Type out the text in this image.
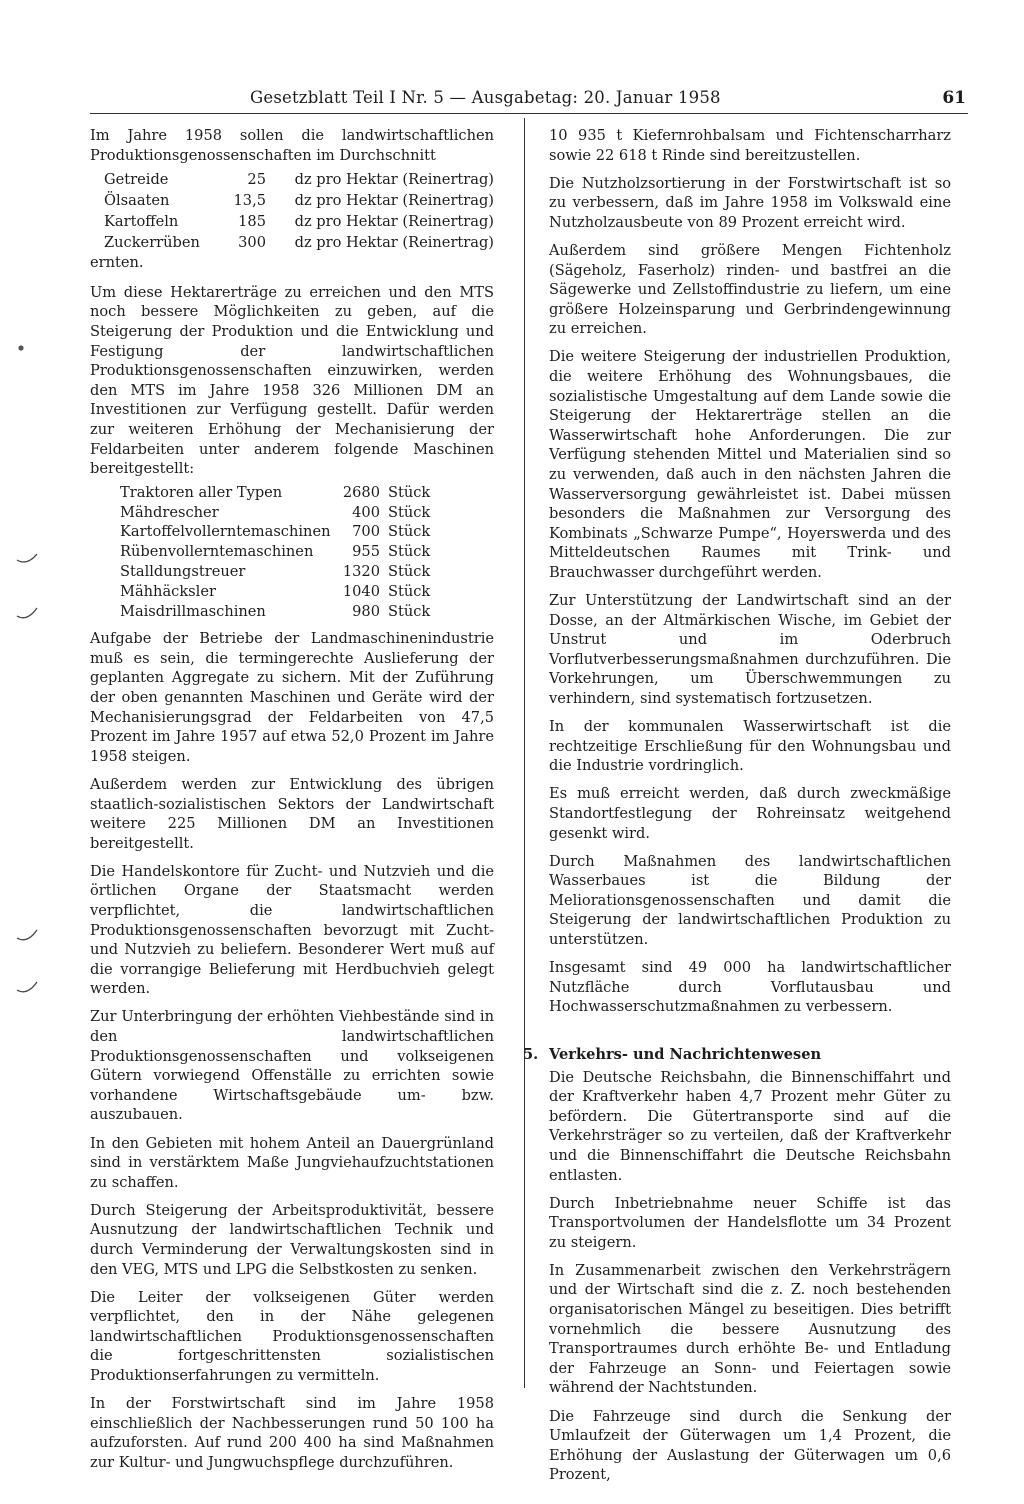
Gesetzblatt Teil I Nr. 5 — Ausgabetag: 20. Januar 1958	61

Im Jahre 1958 sollen die landwirtschaftlichen Produktionsgenossenschaften im Durchschnitt

Getreide	25	dz pro Hektar (Reinertrag)
Ölsaaten	13,5	dz pro Hektar (Reinertrag)
Kartoffeln	185	dz pro Hektar (Reinertrag)
Zuckerrüben	300	dz pro Hektar (Reinertrag)

ernten.

Um diese Hektarerträge zu erreichen und den MTS noch bessere Möglichkeiten zu geben, auf die Steigerung der Produktion und die Entwicklung und Festigung der landwirtschaftlichen Produktionsgenossenschaften einzuwirken, werden den MTS im Jahre 1958 326 Millionen DM an Investitionen zur Verfügung gestellt. Dafür werden zur weiteren Erhöhung der Mechanisierung der Feldarbeiten unter anderem folgende Maschinen bereitgestellt:

Traktoren aller Typen	2680	Stück
Mähdrescher	400	Stück
Kartoffelvollerntemaschinen	700	Stück
Rübenvollerntemaschinen	955	Stück
Stalldungstreuer	1320	Stück
Mähhäcksler	1040	Stück
Maisdrillmaschinen	980	Stück

Aufgabe der Betriebe der Landmaschinenindustrie muß es sein, die termingerechte Auslieferung der geplanten Aggregate zu sichern. Mit der Zuführung der oben genannten Maschinen und Geräte wird der Mechanisierungsgrad der Feldarbeiten von 47,5 Prozent im Jahre 1957 auf etwa 52,0 Prozent im Jahre 1958 steigen.

Außerdem werden zur Entwicklung des übrigen staatlich-sozialistischen Sektors der Landwirtschaft weitere 225 Millionen DM an Investitionen bereitgestellt.

Die Handelskontore für Zucht- und Nutzvieh und die örtlichen Organe der Staatsmacht werden verpflichtet, die landwirtschaftlichen Produktionsgenossenschaften bevorzugt mit Zucht- und Nutzvieh zu beliefern. Besonderer Wert muß auf die vorrangige Belieferung mit Herdbuchvieh gelegt werden.

Zur Unterbringung der erhöhten Viehbestände sind in den landwirtschaftlichen Produktionsgenossenschaften und volkseigenen Gütern vorwiegend Offenställe zu errichten sowie vorhandene Wirtschaftsgebäude um- bzw. auszubauen.

In den Gebieten mit hohem Anteil an Dauergrünland sind in verstärktem Maße Jungviehaufzuchtstationen zu schaffen.

Durch Steigerung der Arbeitsproduktivität, bessere Ausnutzung der landwirtschaftlichen Technik und durch Verminderung der Verwaltungskosten sind in den VEG, MTS und LPG die Selbstkosten zu senken.

Die Leiter der volkseigenen Güter werden verpflichtet, den in der Nähe gelegenen landwirtschaftlichen Produktionsgenossenschaften die fortgeschrittensten sozialistischen Produktionserfahrungen zu vermitteln.

In der Forstwirtschaft sind im Jahre 1958 einschließlich der Nachbesserungen rund 50 100 ha aufzuforsten. Auf rund 200 400 ha sind Maßnahmen zur Kultur- und Jungwuchspflege durchzuführen.

10 935 t Kiefernrohbalsam und Fichtenscharrharz sowie 22 618 t Rinde sind bereitzustellen.

Die Nutzholzsortierung in der Forstwirtschaft ist so zu verbessern, daß im Jahre 1958 im Volkswald eine Nutzholzausbeute von 89 Prozent erreicht wird.

Außerdem sind größere Mengen Fichtenholz (Sägeholz, Faserholz) rinden- und bastfrei an die Sägewerke und Zellstoffindustrie zu liefern, um eine größere Holzeinsparung und Gerbrindengewinnung zu erreichen.

Die weitere Steigerung der industriellen Produktion, die weitere Erhöhung des Wohnungsbaues, die sozialistische Umgestaltung auf dem Lande sowie die Steigerung der Hektarerträge stellen an die Wasserwirtschaft hohe Anforderungen. Die zur Verfügung stehenden Mittel und Materialien sind so zu verwenden, daß auch in den nächsten Jahren die Wasserversorgung gewährleistet ist. Dabei müssen besonders die Maßnahmen zur Versorgung des Kombinats „Schwarze Pumpe“, Hoyerswerda und des Mitteldeutschen Raumes mit Trink- und Brauchwasser durchgeführt werden.

Zur Unterstützung der Landwirtschaft sind an der Dosse, an der Altmärkischen Wische, im Gebiet der Unstrut und im Oderbruch Vorflutverbesserungsmaßnahmen durchzuführen. Die Vorkehrungen, um Überschwemmungen zu verhindern, sind systematisch fortzusetzen.

In der kommunalen Wasserwirtschaft ist die rechtzeitige Erschließung für den Wohnungsbau und die Industrie vordringlich.

Es muß erreicht werden, daß durch zweckmäßige Standortfestlegung der Rohreinsatz weitgehend gesenkt wird.

Durch Maßnahmen des landwirtschaftlichen Wasserbaues ist die Bildung der Meliorationsgenossenschaften und damit die Steigerung der landwirtschaftlichen Produktion zu unterstützen.

Insgesamt sind 49 000 ha landwirtschaftlicher Nutzfläche durch Vorflutausbau und Hochwasserschutzmaßnahmen zu verbessern.

5. Verkehrs- und Nachrichtenwesen

Die Deutsche Reichsbahn, die Binnenschiffahrt und der Kraftverkehr haben 4,7 Prozent mehr Güter zu befördern. Die Gütertransporte sind auf die Verkehrsträger so zu verteilen, daß der Kraftverkehr und die Binnenschiffahrt die Deutsche Reichsbahn entlasten.

Durch Inbetriebnahme neuer Schiffe ist das Transportvolumen der Handelsflotte um 34 Prozent zu steigern.

In Zusammenarbeit zwischen den Verkehrsträgern und der Wirtschaft sind die z. Z. noch bestehenden organisatorischen Mängel zu beseitigen. Dies betrifft vornehmlich die bessere Ausnutzung des Transportraumes durch erhöhte Be- und Entladung der Fahrzeuge an Sonn- und Feiertagen sowie während der Nachtstunden.

Die Fahrzeuge sind durch die Senkung der Umlaufzeit der Güterwagen um 1,4 Prozent, die Erhöhung der Auslastung der Güterwagen um 0,6 Prozent,
